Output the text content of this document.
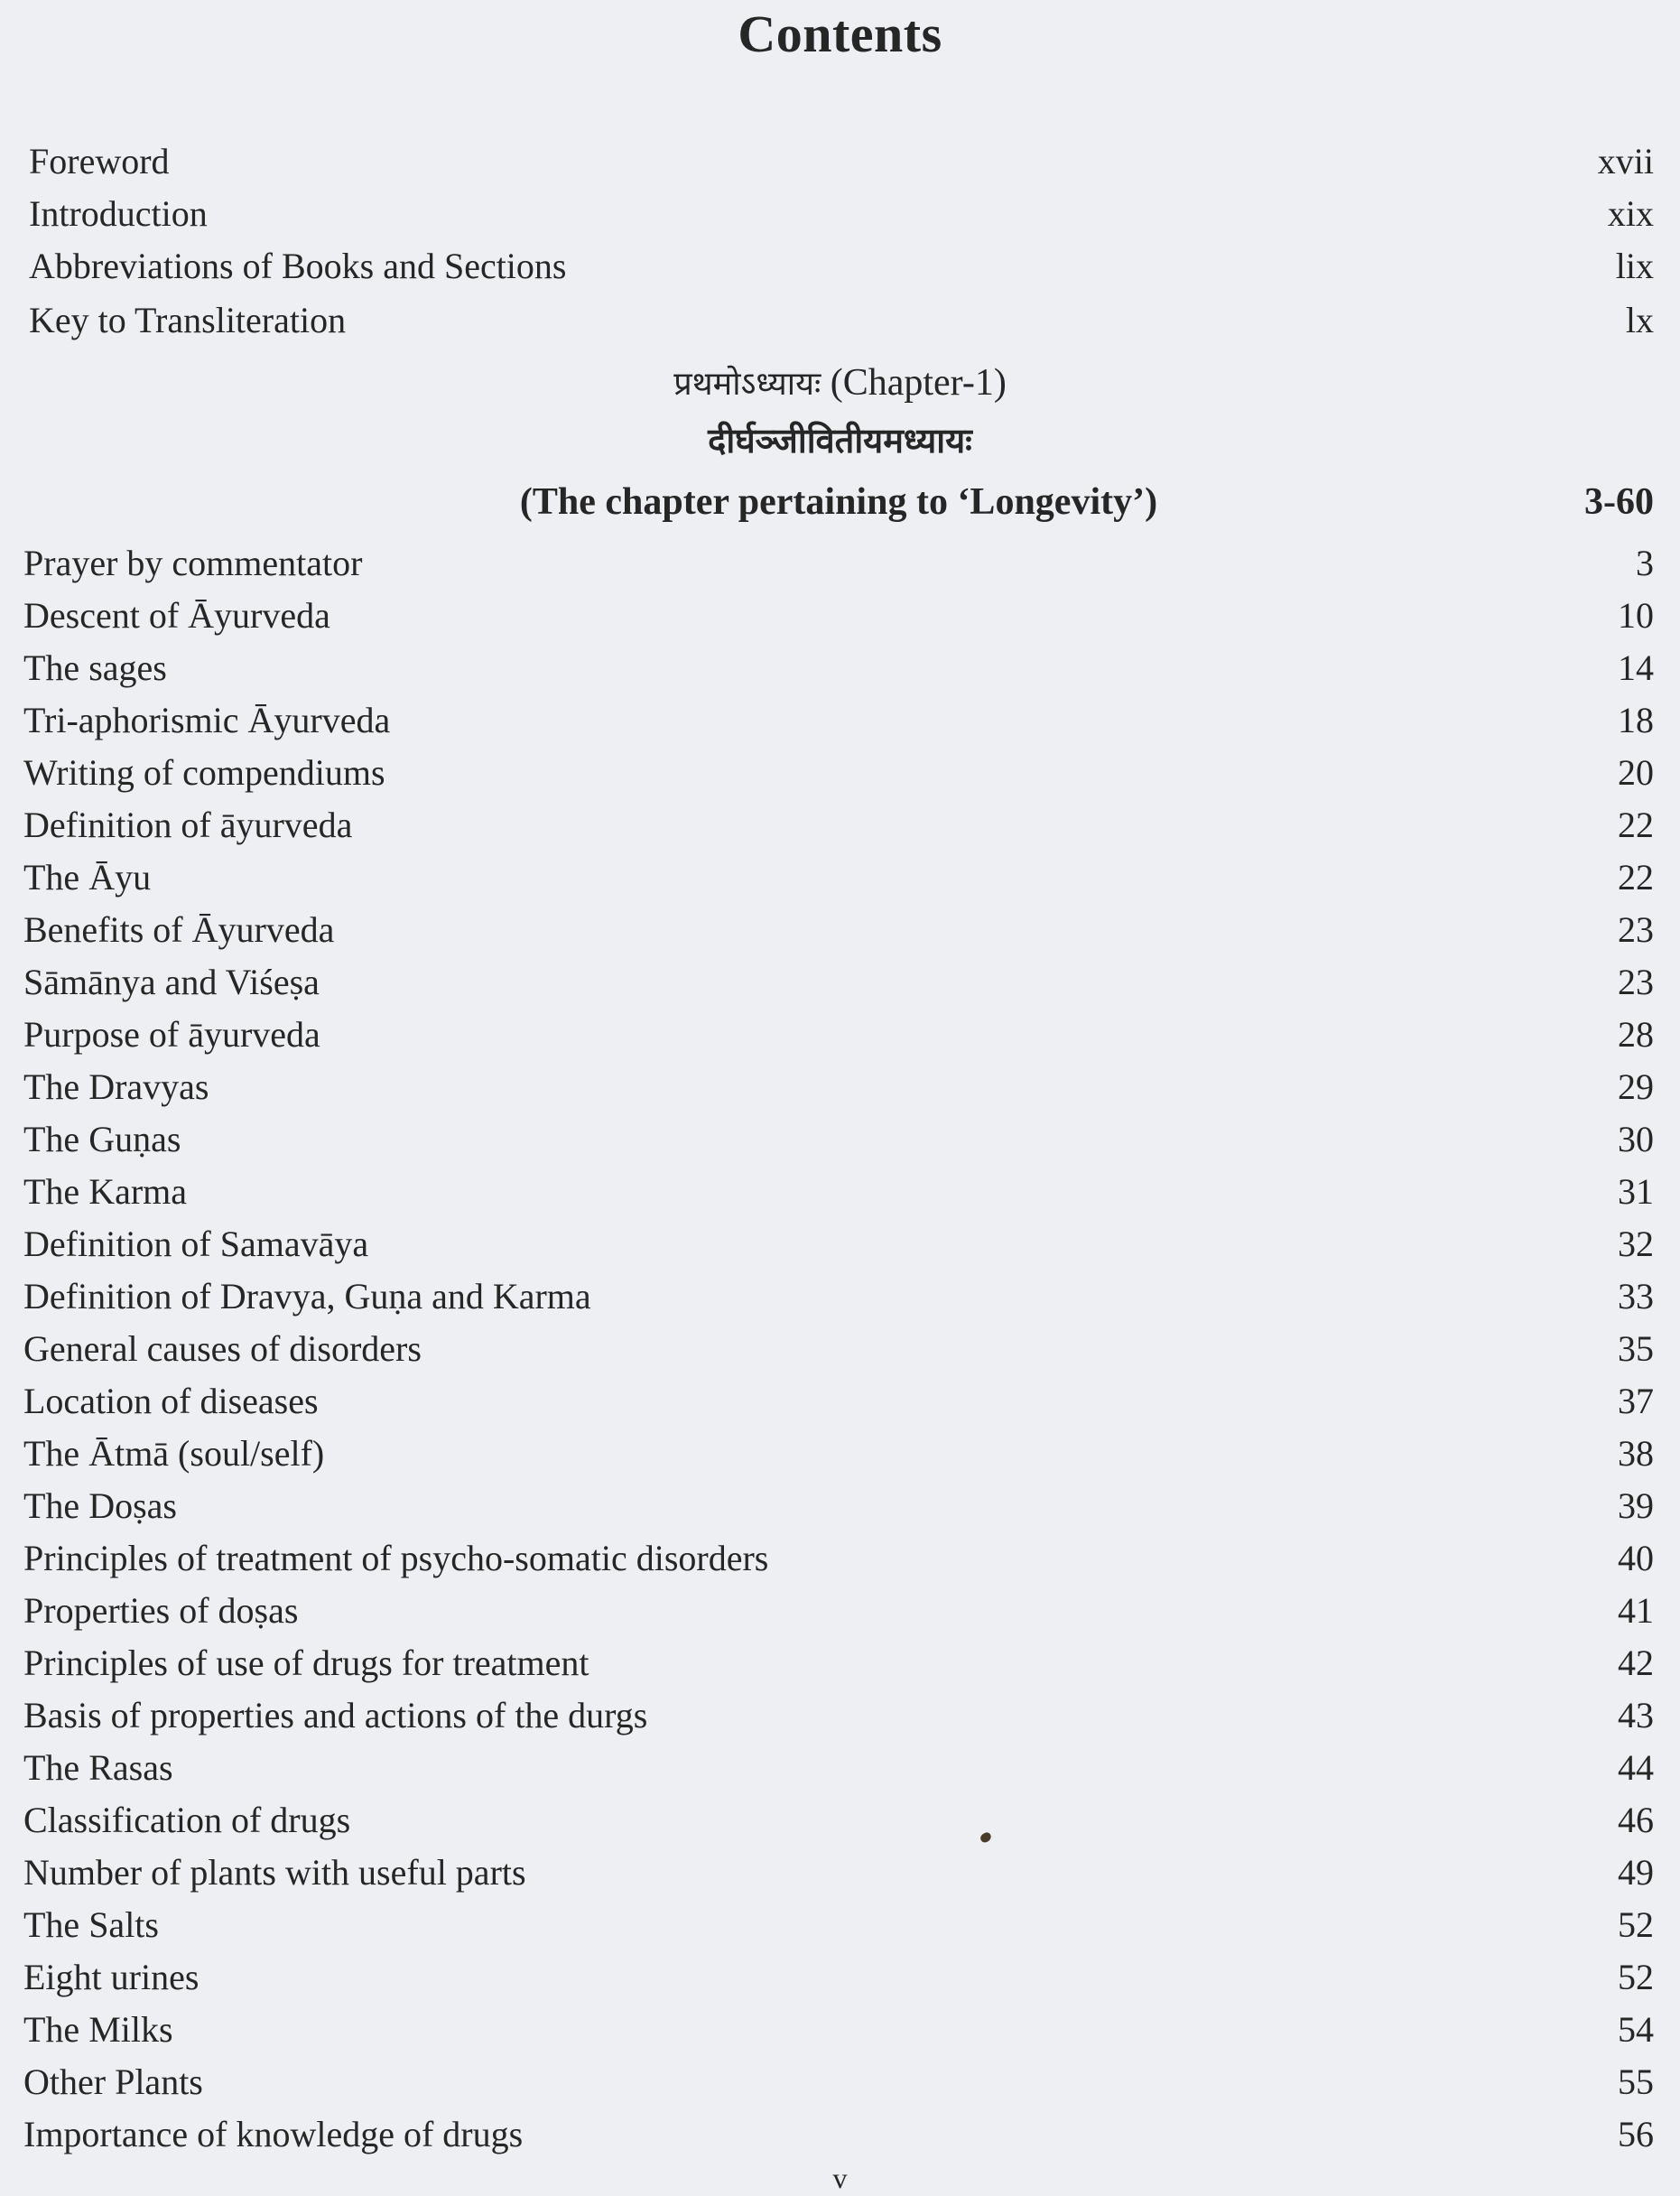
Contents
Foreword	xvii
Introduction	xix
Abbreviations of Books and Sections	lix
Key to Transliteration	lx
प्रथमोऽध्यायः (Chapter-1)
दीर्घञ्जीवितीयमध्यायः
(The chapter pertaining to ‘Longevity’)	3-60
Prayer by commentator	3
Descent of Āyurveda	10
The sages	14
Tri-aphorismic Āyurveda	18
Writing of compendiums	20
Definition of āyurveda	22
The Āyu	22
Benefits of Āyurveda	23
Sāmānya and Viśeṣa	23
Purpose of āyurveda	28
The Dravyas	29
The Guṇas	30
The Karma	31
Definition of Samavāya	32
Definition of Dravya, Guṇa and Karma	33
General causes of disorders	35
Location of diseases	37
The Ātmā (soul/self)	38
The Doṣas	39
Principles of treatment of psycho-somatic disorders	40
Properties of doṣas	41
Principles of use of drugs for treatment	42
Basis of properties and actions of the durgs	43
The Rasas	44
Classification of drugs	46
Number of plants with useful parts	49
The Salts	52
Eight urines	52
The Milks	54
Other Plants	55
Importance of knowledge of drugs	56
v
